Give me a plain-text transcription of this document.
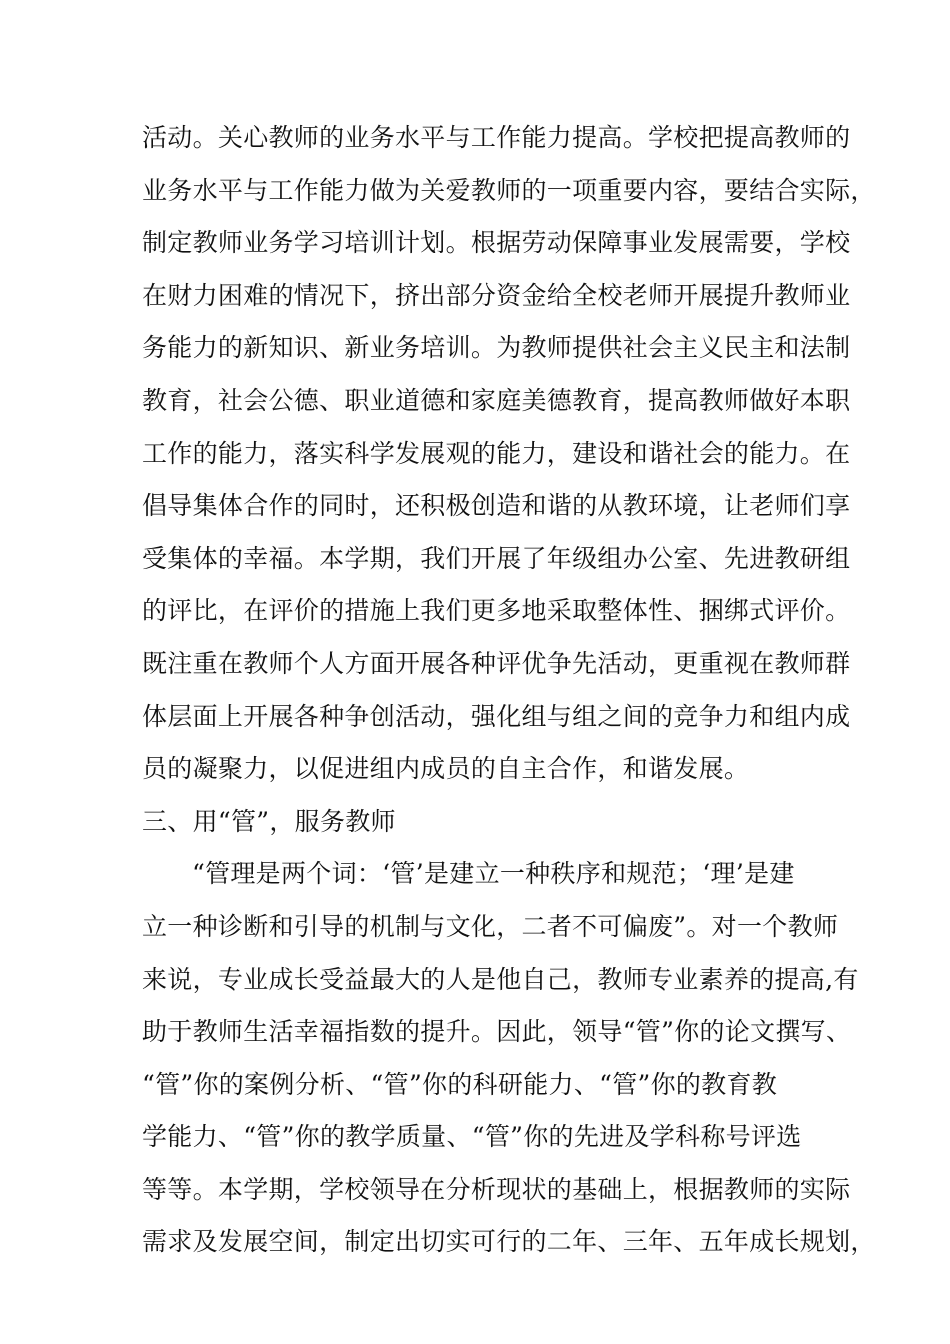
活动。关心教师的业务水平与工作能力提高。学校把提高教师的
业务水平与工作能力做为关爱教师的一项重要内容，要结合实际，
制定教师业务学习培训计划。根据劳动保障事业发展需要，学校
在财力困难的情况下，挤出部分资金给全校老师开展提升教师业
务能力的新知识、新业务培训。为教师提供社会主义民主和法制
教育，社会公德、职业道德和家庭美德教育，提高教师做好本职
工作的能力，落实科学发展观的能力，建设和谐社会的能力。在
倡导集体合作的同时，还积极创造和谐的从教环境，让老师们享
受集体的幸福。本学期，我们开展了年级组办公室、先进教研组
的评比，在评价的措施上我们更多地采取整体性、捆绑式评价。
既注重在教师个人方面开展各种评优争先活动，更重视在教师群
体层面上开展各种争创活动，强化组与组之间的竞争力和组内成
员的凝聚力，以促进组内成员的自主合作，和谐发展。
三、用“管”，服务教师
“管理是两个词：‘管’是建立一种秩序和规范；‘理’是建
立一种诊断和引导的机制与文化，二者不可偏废”。对一个教师
来说，专业成长受益最大的人是他自己，教师专业素养的提高,有
助于教师生活幸福指数的提升。因此，领导“管”你的论文撰写、
“管”你的案例分析、“管”你的科研能力、“管”你的教育教
学能力、“管”你的教学质量、“管”你的先进及学科称号评选
等等。本学期，学校领导在分析现状的基础上，根据教师的实际
需求及发展空间，制定出切实可行的二年、三年、五年成长规划，
